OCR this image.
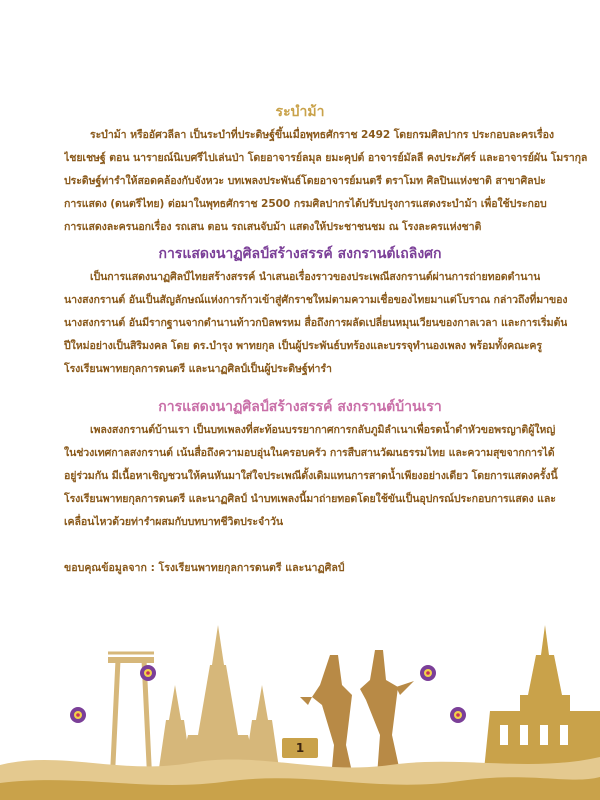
ระบำม้า
ระบำม้า หรืออัศวลีลา เป็นระบำที่ประดิษฐ์ขึ้นเมื่อพุทธศักราช 2492 โดยกรมศิลปากร ประกอบละครเรื่อง
ไชยเชษฐ์ ตอน นารายณ์นิเบศรีไปเล่นป่า โดยอาจารย์ลมุล ยมะคุปต์ อาจารย์มัลลี คงประภัศร์ และอาจารย์ผัน โมรากุล
ประดิษฐ์ท่ารำให้สอดคล้องกับจังหวะ บทเพลงประพันธ์โดยอาจารย์มนตรี ตราโมท ศิลปินแห่งชาติ สาขาศิลปะ
การแสดง (ดนตรีไทย) ต่อมาในพุทธศักราช 2500 กรมศิลปากรได้ปรับปรุงการแสดงระบำม้า เพื่อใช้ประกอบ
การแสดงละครนอกเรื่อง รถเสน ตอน รถเสนจับม้า แสดงให้ประชาชนชม ณ โรงละครแห่งชาติ
การแสดงนาฏศิลป์สร้างสรรค์ สงกรานต์เถลิงศก
เป็นการแสดงนาฏศิลป์ไทยสร้างสรรค์ นำเสนอเรื่องราวของประเพณีสงกรานต์ผ่านการถ่ายทอดตำนาน
นางสงกรานต์ อันเป็นสัญลักษณ์แห่งการก้าวเข้าสู่ศักราชใหม่ตามความเชื่อของไทยมาแต่โบราณ กล่าวถึงที่มาของ
นางสงกรานต์ อันมีรากฐานจากตำนานท้าวกบิลพรหม สื่อถึงการผลัดเปลี่ยนหมุนเวียนของกาลเวลา และการเริ่มต้น
ปีใหม่อย่างเป็นสิริมงคล โดย ดร.บำรุง พาทยกุล เป็นผู้ประพันธ์บทร้องและบรรจุทำนองเพลง พร้อมทั้งคณะครู
โรงเรียนพาทยกุลการดนตรี และนาฏศิลป์เป็นผู้ประดิษฐ์ท่ารำ
การแสดงนาฏศิลป์สร้างสรรค์ สงกรานต์บ้านเรา
เพลงสงกรานต์บ้านเรา เป็นบทเพลงที่สะท้อนบรรยากาศการกลับภูมิลำเนาเพื่อรดน้ำดำหัวขอพรญาติผู้ใหญ่
ในช่วงเทศกาลสงกรานต์ เน้นสื่อถึงความอบอุ่นในครอบครัว การสืบสานวัฒนธรรมไทย และความสุขจากการได้
อยู่ร่วมกัน มีเนื้อหาเชิญชวนให้คนหันมาใส่ใจประเพณีดั้งเดิมแทนการสาดน้ำเพียงอย่างเดียว โดยการแสดงครั้งนี้
โรงเรียนพาทยกุลการดนตรี และนาฏศิลป์ นำบทเพลงนี้มาถ่ายทอดโดยใช้ขันเป็นอุปกรณ์ประกอบการแสดง และ
เคลื่อนไหวด้วยท่ารำผสมกับบทบาทชีวิตประจำวัน
ขอบคุณข้อมูลจาก : โรงเรียนพาทยกุลการดนตรี และนาฏศิลป์
1
